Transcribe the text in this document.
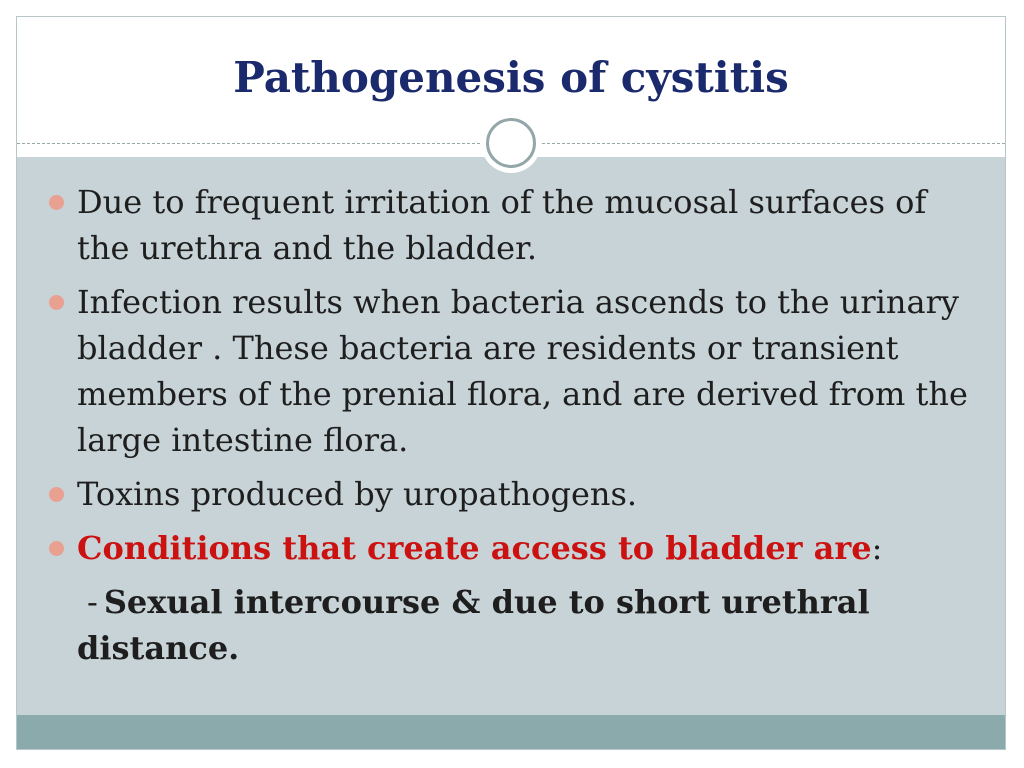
Pathogenesis of cystitis
Due to frequent irritation of the mucosal surfaces of the urethra and the bladder.
Infection results when bacteria ascends to the urinary bladder . These bacteria are residents or transient members of the prenial flora, and are derived from the large intestine flora.
Toxins produced by uropathogens.
Conditions that create access to bladder are:
- Sexual intercourse & due to short urethral distance.
